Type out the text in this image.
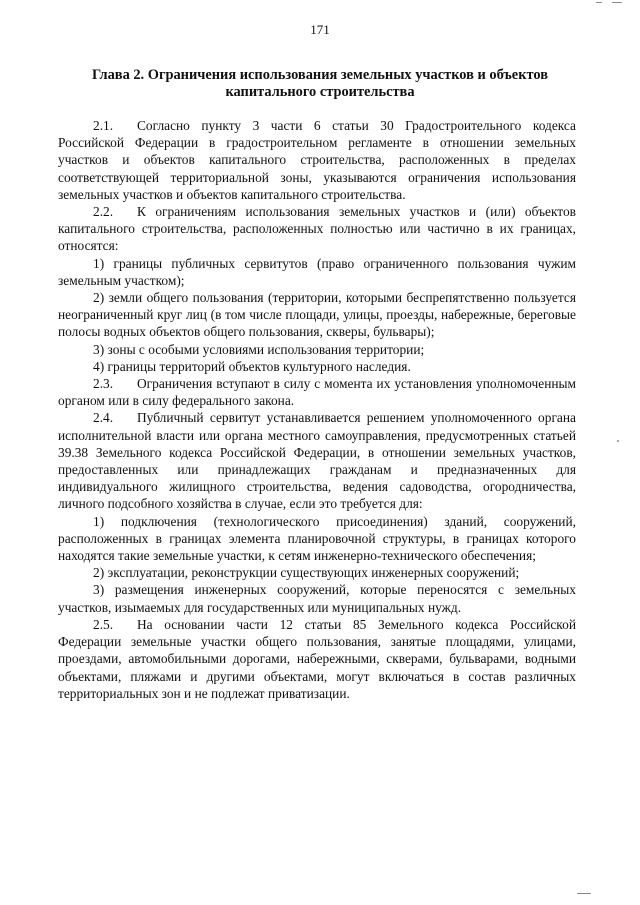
171
Глава 2. Ограничения использования земельных участков и объектов
капитального строительства

2.1. Согласно пункту 3 части 6 статьи 30 Градостроительного кодекса Российской Федерации в градостроительном регламенте в отношении земельных участков и объектов капитального строительства, расположенных в пределах соответствующей территориальной зоны, указываются ограничения использования земельных участков и объектов капитального строительства.

2.2. К ограничениям использования земельных участков и (или) объектов капитального строительства, расположенных полностью или частично в их границах, относятся:

1) границы публичных сервитутов (право ограниченного пользования чужим земельным участком);

2) земли общего пользования (территории, которыми беспрепятственно пользуется неограниченный круг лиц (в том числе площади, улицы, проезды, набережные, береговые полосы водных объектов общего пользования, скверы, бульвары);

3) зоны с особыми условиями использования территории;

4) границы территорий объектов культурного наследия.

2.3. Ограничения вступают в силу с момента их установления уполномоченным органом или в силу федерального закона.

2.4. Публичный сервитут устанавливается решением уполномоченного органа исполнительной власти или органа местного самоуправления, предусмотренных статьей 39.38 Земельного кодекса Российской Федерации, в отношении земельных участков, предоставленных или принадлежащих гражданам и предназначенных для индивидуального жилищного строительства, ведения садоводства, огородничества, личного подсобного хозяйства в случае, если это требуется для:

1) подключения (технологического присоединения) зданий, сооружений, расположенных в границах элемента планировочной структуры, в границах которого находятся такие земельные участки, к сетям инженерно-технического обеспечения;

2) эксплуатации, реконструкции существующих инженерных сооружений;

3) размещения инженерных сооружений, которые переносятся с земельных участков, изымаемых для государственных или муниципальных нужд.

2.5. На основании части 12 статьи 85 Земельного кодекса Российской Федерации земельные участки общего пользования, занятые площадями, улицами, проездами, автомобильными дорогами, набережными, скверами, бульварами, водными объектами, пляжами и другими объектами, могут включаться в состав различных территориальных зон и не подлежат приватизации.
